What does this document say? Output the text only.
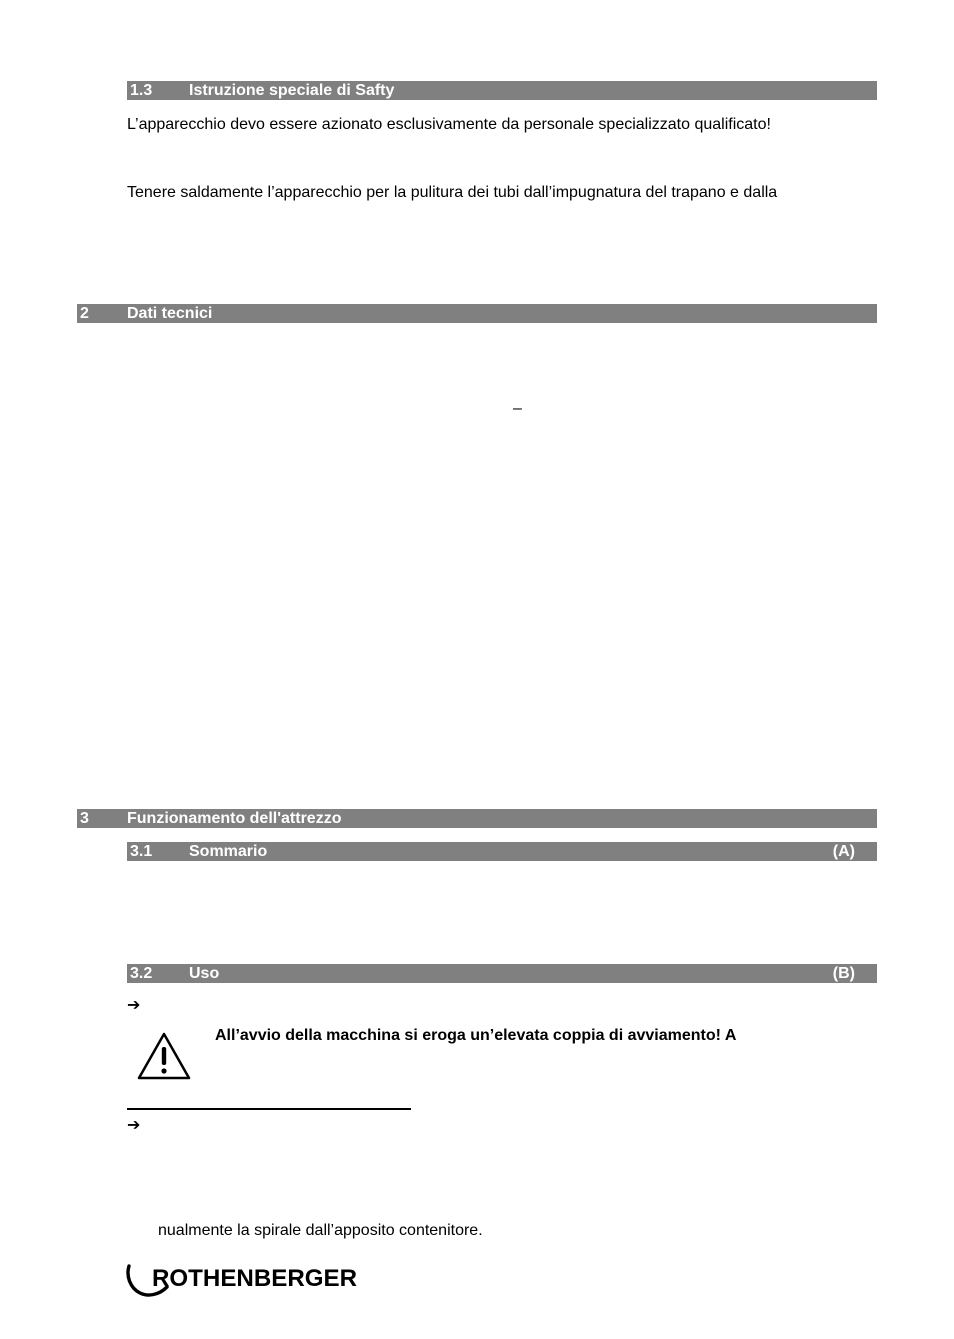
1.3 Istruzione speciale di Safty
L’apparecchio devo essere azionato esclusivamente da personale specializzato qualificato!
Tenere saldamente l’apparecchio per la pulitura dei tubi dall’impugnatura del trapano e dalla
2 Dati tecnici
–
3 Funzionamento dell'attrezzo
3.1 Sommario	(A)
3.2 Uso	(B)
➔
All’avvio della macchina si eroga un’elevata coppia di avviamento! A
➔
nualmente la spirale dall’apposito contenitore.
ROTHENBERGER
